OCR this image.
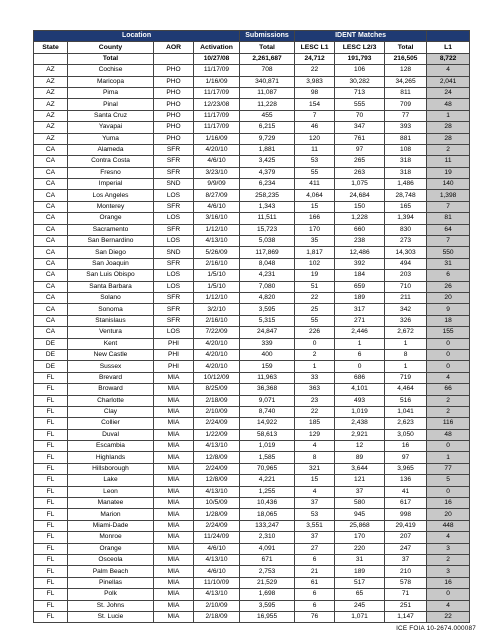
Location				Submissions	IDENT Matches			
State	County	AOR	Activation	Total	LESC L1	LESC L2/3	Total	L1
	Total		10/27/08	2,261,687	24,712	191,793	216,505	8,722
AZ	Cochise	PHO	11/17/09	708	22	106	128	4
AZ	Maricopa	PHO	1/16/09	340,871	3,983	30,282	34,265	2,041
AZ	Pima	PHO	11/17/09	11,087	98	713	811	24
AZ	Pinal	PHO	12/23/08	11,228	154	555	709	48
AZ	Santa Cruz	PHO	11/17/09	455	7	70	77	1
AZ	Yavapai	PHO	11/17/09	6,215	46	347	393	28
AZ	Yuma	PHO	1/16/09	9,729	120	761	881	28
CA	Alameda	SFR	4/20/10	1,881	11	97	108	2
CA	Contra Costa	SFR	4/6/10	3,425	53	265	318	11
CA	Fresno	SFR	3/23/10	4,379	55	263	318	19
CA	Imperial	SND	9/9/09	6,234	411	1,075	1,486	140
CA	Los Angeles	LOS	8/27/09	258,235	4,064	24,684	28,748	1,398
CA	Monterey	SFR	4/6/10	1,343	15	150	165	7
CA	Orange	LOS	3/16/10	11,511	166	1,228	1,394	81
CA	Sacramento	SFR	1/12/10	15,723	170	660	830	64
CA	San Bernardino	LOS	4/13/10	5,038	35	238	273	7
CA	San Diego	SND	5/26/09	117,869	1,817	12,486	14,303	550
CA	San Joaquin	SFR	2/16/10	8,048	102	392	494	31
CA	San Luis Obispo	LOS	1/5/10	4,231	19	184	203	6
CA	Santa Barbara	LOS	1/5/10	7,080	51	659	710	26
CA	Solano	SFR	1/12/10	4,820	22	189	211	20
CA	Sonoma	SFR	3/2/10	3,595	25	317	342	9
CA	Stanislaus	SFR	2/16/10	5,315	55	271	326	18
CA	Ventura	LOS	7/22/09	24,847	226	2,446	2,672	155
DE	Kent	PHI	4/20/10	339	0	1	1	0
DE	New Castle	PHI	4/20/10	400	2	6	8	0
DE	Sussex	PHI	4/20/10	159	1	0	1	0
FL	Brevard	MIA	10/12/09	11,963	33	686	719	4
FL	Broward	MIA	8/25/09	36,368	363	4,101	4,464	66
FL	Charlotte	MIA	2/18/09	9,071	23	493	516	2
FL	Clay	MIA	2/10/09	8,740	22	1,019	1,041	2
FL	Collier	MIA	2/24/09	14,922	185	2,438	2,623	116
FL	Duval	MIA	1/22/09	58,613	129	2,921	3,050	48
FL	Escambia	MIA	4/13/10	1,019	4	12	16	0
FL	Highlands	MIA	12/8/09	1,585	8	89	97	1
FL	Hillsborough	MIA	2/24/09	70,965	321	3,644	3,965	77
FL	Lake	MIA	12/8/09	4,221	15	121	136	5
FL	Leon	MIA	4/13/10	1,255	4	37	41	0
FL	Manatee	MIA	10/5/09	10,436	37	580	617	16
FL	Marion	MIA	1/28/09	18,065	53	945	998	20
FL	Miami-Dade	MIA	2/24/09	133,247	3,551	25,868	29,419	448
FL	Monroe	MIA	11/24/09	2,310	37	170	207	4
FL	Orange	MIA	4/6/10	4,091	27	220	247	3
FL	Osceola	MIA	4/13/10	671	6	31	37	2
FL	Palm Beach	MIA	4/6/10	2,753	21	189	210	3
FL	Pinellas	MIA	11/10/09	21,529	61	517	578	16
FL	Polk	MIA	4/13/10	1,698	6	65	71	0
FL	St. Johns	MIA	2/10/09	3,595	6	245	251	4
FL	St. Lucie	MIA	2/18/09	16,955	76	1,071	1,147	22
ICE FOIA 10-2674.000087
